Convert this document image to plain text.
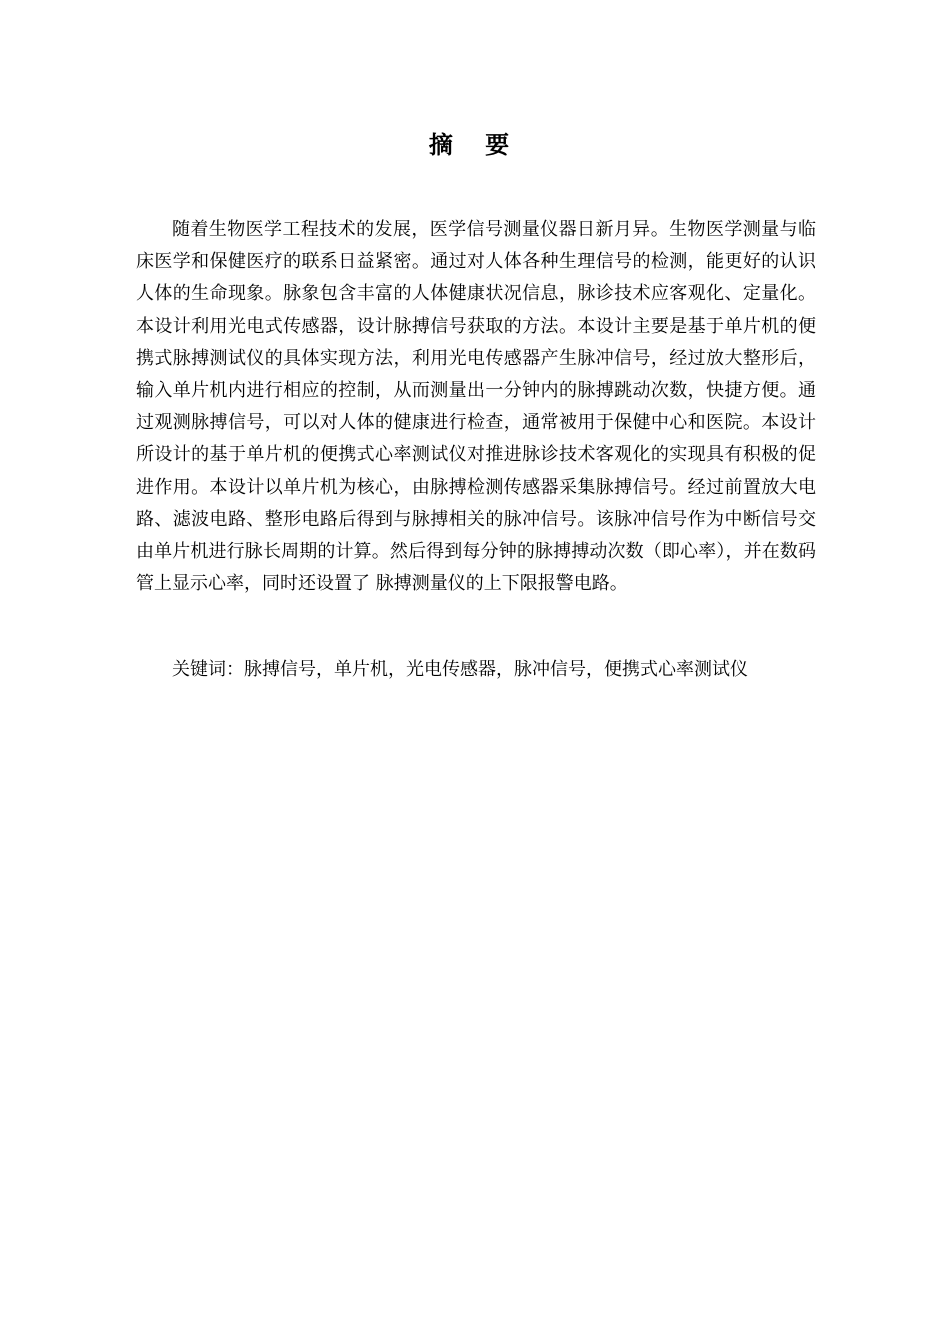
摘 要

随着生物医学工程技术的发展，医学信号测量仪器日新月异。生物医学测量与临床医学和保健医疗的联系日益紧密。通过对人体各种生理信号的检测，能更好的认识人体的生命现象。脉象包含丰富的人体健康状况信息，脉诊技术应客观化、定量化。本设计利用光电式传感器，设计脉搏信号获取的方法。本设计主要是基于单片机的便携式脉搏测试仪的具体实现方法，利用光电传感器产生脉冲信号，经过放大整形后，输入单片机内进行相应的控制，从而测量出一分钟内的脉搏跳动次数，快捷方便。通过观测脉搏信号，可以对人体的健康进行检查，通常被用于保健中心和医院。本设计所设计的基于单片机的便携式心率测试仪对推进脉诊技术客观化的实现具有积极的促进作用。本设计以单片机为核心，由脉搏检测传感器采集脉搏信号。经过前置放大电路、滤波电路、整形电路后得到与脉搏相关的脉冲信号。该脉冲信号作为中断信号交由单片机进行脉长周期的计算。然后得到每分钟的脉搏搏动次数（即心率），并在数码管上显示心率，同时还设置了 脉搏测量仪的上下限报警电路。

关键词：脉搏信号，单片机，光电传感器，脉冲信号，便携式心率测试仪
